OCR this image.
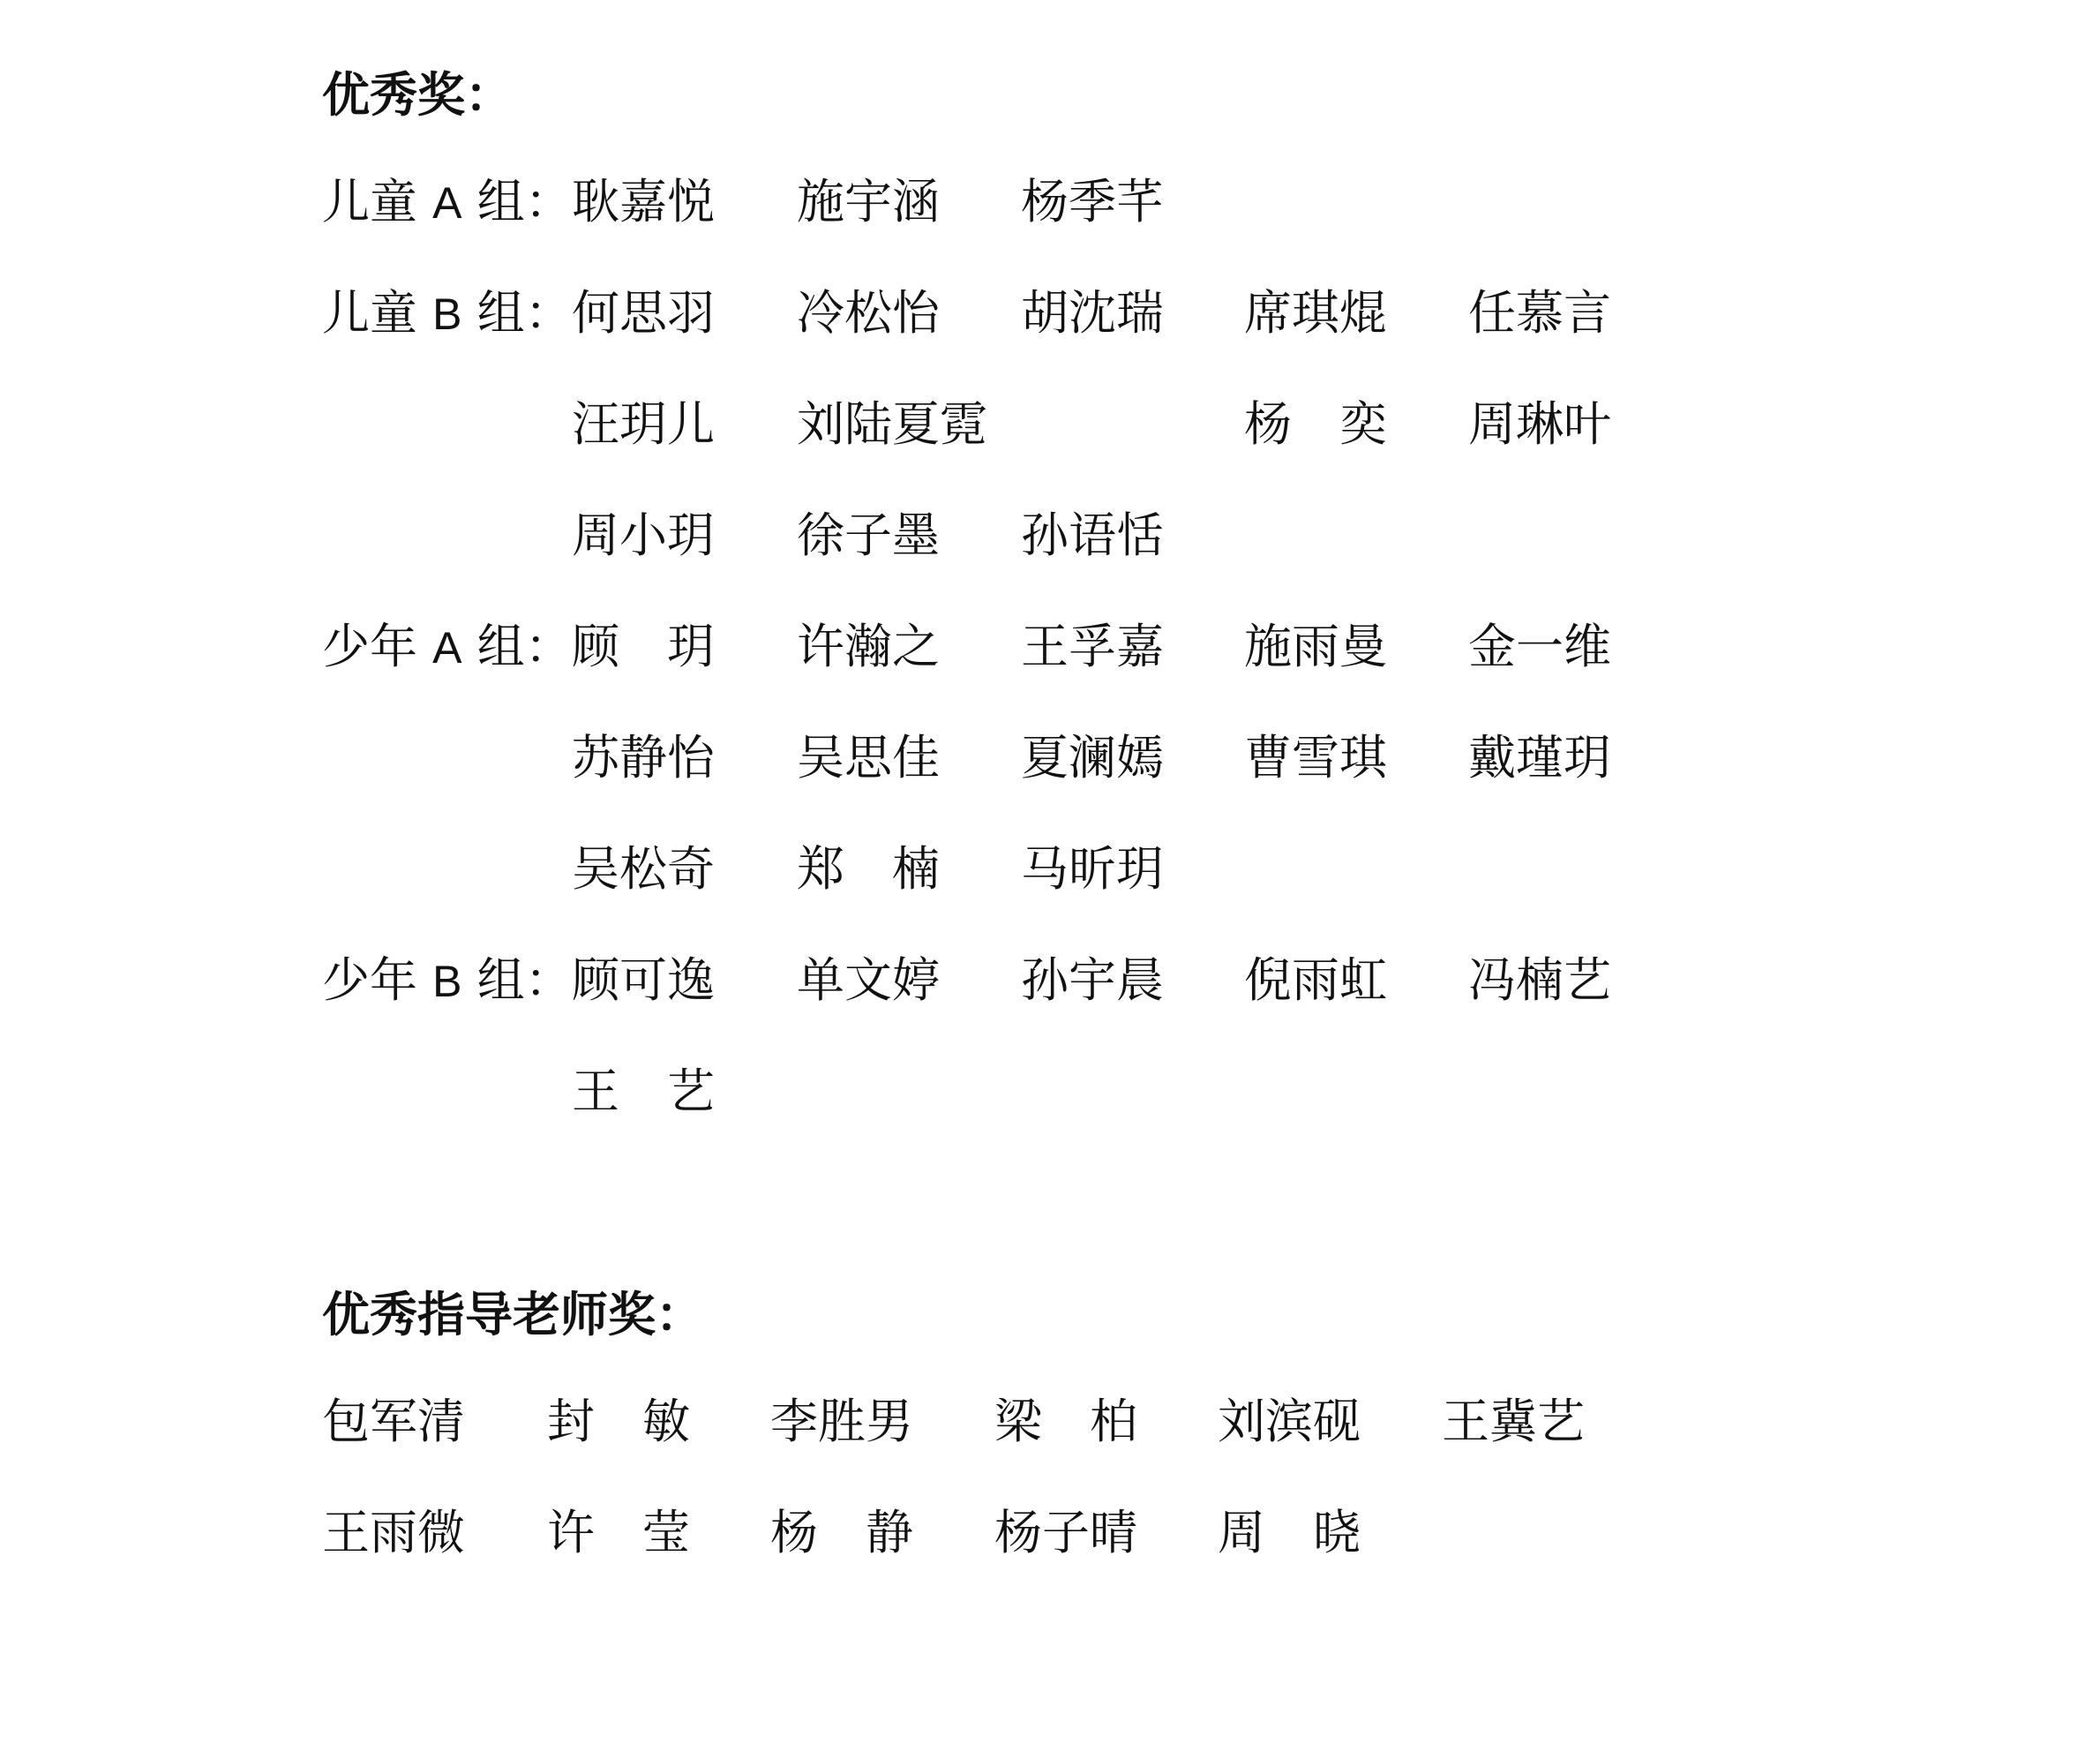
优秀奖：
儿童 A 组： 耿嘉悦 施宇涵 杨季芊
儿童 B 组： 何思羽 冷松怡 胡沈瑞 席琪焜 任慕言
汪玥儿 刘陆夏霓	杨　奕 周琳叶
周小玥 徐子墨 孙语恬
少年 A 组： 顾　玥 许瀚之 王孚嘉 施雨曼 金一维
苏静怡 吴思佳 夏澜嫣 曹雪琪 戴瑾玥
吴松奇 郑　楠 马昕玥
少年 B 组： 顾可逸 单文婷 孙宇晨 倪雨虹 冯楠艺
王　艺
优秀指导老师奖：
包军清 封　敏 李胜男 梁　柏 刘滨砚 王冀艺
王雨微 许　莹 杨　静 杨子晴 周　晓
